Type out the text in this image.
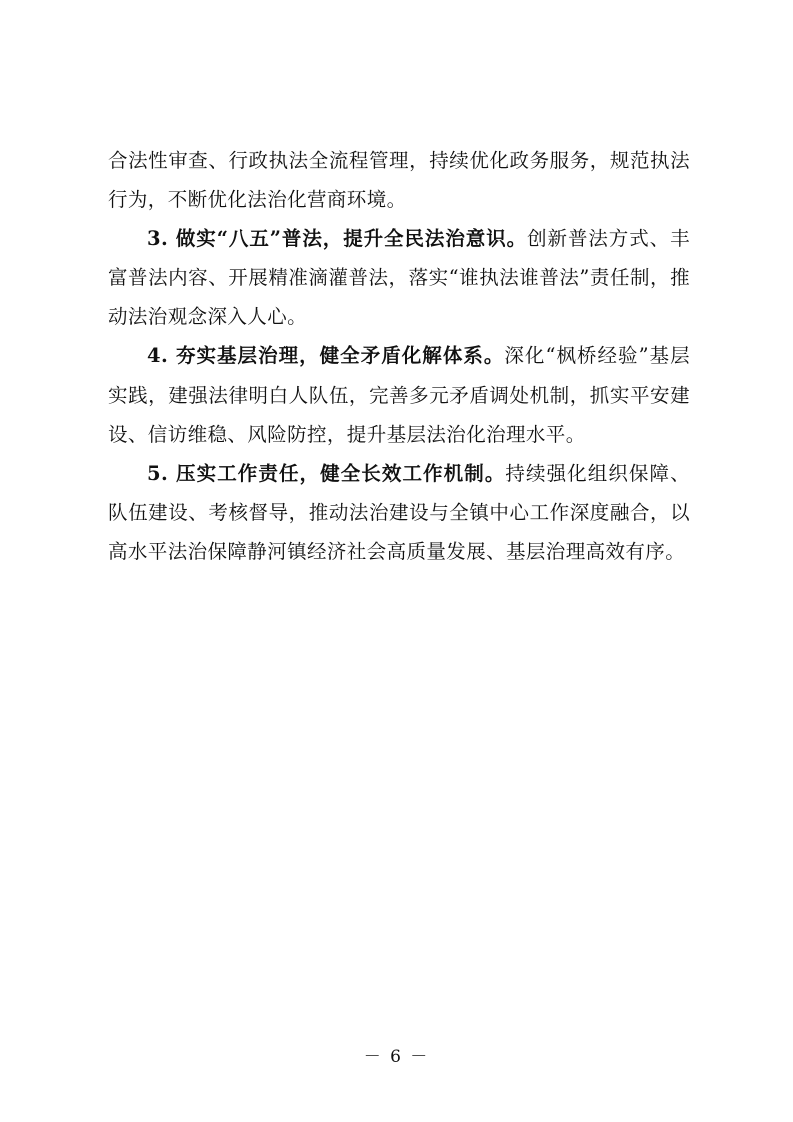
合法性审查、行政执法全流程管理，持续优化政务服务，规范执法行为，不断优化法治化营商环境。

3. 做实“八五”普法，提升全民法治意识。创新普法方式、丰富普法内容、开展精准滴灌普法，落实“谁执法谁普法”责任制，推动法治观念深入人心。

4. 夯实基层治理，健全矛盾化解体系。深化“枫桥经验”基层实践，建强法律明白人队伍，完善多元矛盾调处机制，抓实平安建设、信访维稳、风险防控，提升基层法治化治理水平。

5. 压实工作责任，健全长效工作机制。持续强化组织保障、队伍建设、考核督导，推动法治建设与全镇中心工作深度融合，以高水平法治保障静河镇经济社会高质量发展、基层治理高效有序。

－ 6 －
